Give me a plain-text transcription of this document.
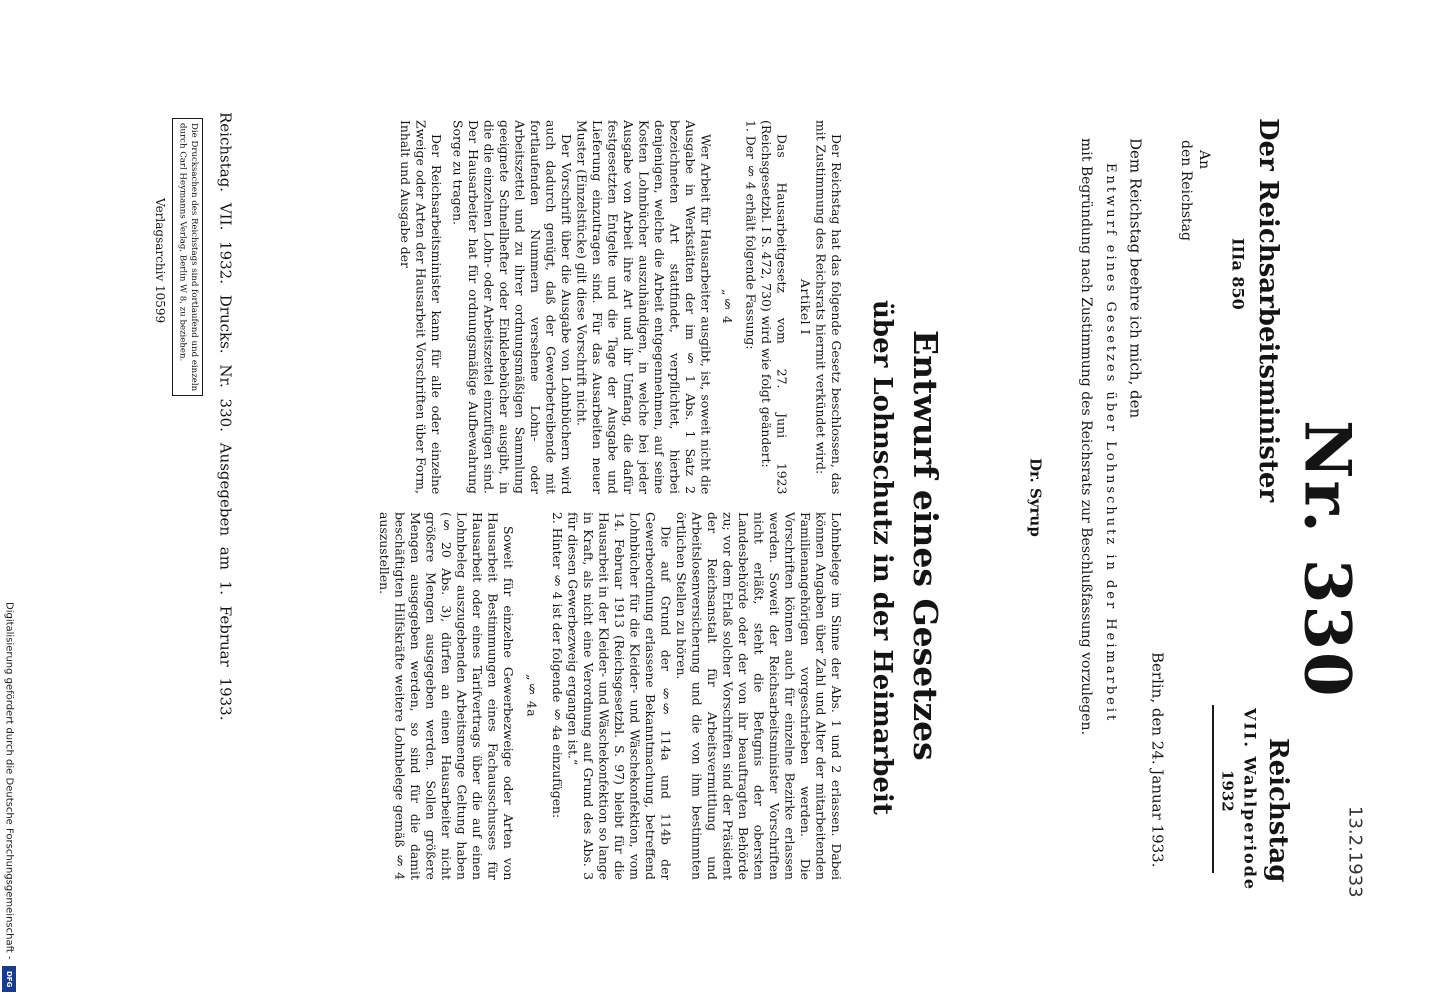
13.2.1933
Reichstag
VII. Wahlperiode
1932
Nr. 330
Der Reichsarbeitsminister
IIIa 850
An
den Reichstag
Berlin, den 24. Januar 1933.
Dem Reichstag beehre ich mich, den
Entwurf eines Gesetzes über Lohnschutz in der Heimarbeit
mit Begründung nach Zustimmung des Reichsrats zur Beschlußfassung vorzulegen.
Dr. Syrup
Entwurf eines Gesetzes
über Lohnschutz in der Heimarbeit

Der Reichstag hat das folgende Gesetz beschlossen, das mit Zustimmung des Reichsrats hiermit verkündet wird:

Artikel I

Das Hausarbeitgesetz vom 27. Juni 1923 (Reichsgesetzbl. I S. 472, 730) wird wie folgt geändert:

1. Der § 4 erhält folgende Fassung:

„§ 4

Wer Arbeit für Hausarbeiter ausgibt, ist, soweit nicht die Ausgabe in Werkstätten der im § 1 Abs. 1 Satz 2 bezeichneten Art stattfindet, verpflichtet, hierbei denjenigen, welche die Arbeit entgegennehmen, auf seine Kosten Lohnbücher auszuhändigen, in welche bei jeder Ausgabe von Arbeit ihre Art und ihr Umfang, die dafür festgesetzten Entgelte und die Tage der Ausgabe und Lieferung einzutragen sind. Für das Ausarbeiten neuer Muster (Einzelstücke) gilt diese Vorschrift nicht.

Der Vorschrift über die Ausgabe von Lohnbüchern wird auch dadurch genügt, daß der Gewerbetreibende mit fortlaufenden Nummern versehene Lohn- oder Arbeitszettel und zu ihrer ordnungsmäßigen Sammlung geeignete Schnellhefter oder Einklebebücher ausgibt, in die die einzelnen Lohn- oder Arbeitszettel einzufügen sind. Der Hausarbeiter hat für ordnungsmäßige Aufbewahrung Sorge zu tragen.

Der Reichsarbeitsminister kann für alle oder einzelne Zweige oder Arten der Hausarbeit Vorschriften über Form, Inhalt und Ausgabe der

Lohnbelege im Sinne der Abs. 1 und 2 erlassen. Dabei können Angaben über Zahl und Alter der mitarbeitenden Familienangehörigen vorgeschrieben werden. Die Vorschriften können auch für einzelne Bezirke erlassen werden. Soweit der Reichsarbeitsminister Vorschriften nicht erläßt, steht die Befugnis der obersten Landesbehörde oder der von ihr beauftragten Behörde zu; vor dem Erlaß solcher Vorschriften sind der Präsident der Reichsanstalt für Arbeitsvermittlung und Arbeitslosenversicherung und die von ihm bestimmten örtlichen Stellen zu hören.

Die auf Grund der §§ 114a und 114b der Gewerbeordnung erlassene Bekanntmachung, betreffend Lohnbücher für die Kleider- und Wäschekonfektion, vom 14. Februar 1913 (Reichsgesetzbl. S. 97) bleibt für die Hausarbeit in der Kleider- und Wäschekonfektion so lange in Kraft, als nicht eine Verordnung auf Grund des Abs. 3 für diesen Gewerbezweig ergangen ist.“

2. Hinter § 4 ist der folgende § 4a einzufügen:

„§ 4a

Soweit für einzelne Gewerbezweige oder Arten von Hausarbeit Bestimmungen eines Fachausschusses für Hausarbeit oder eines Tarifvertrags über die auf einen Lohnbeleg auszugebenden Arbeitsmenge Geltung haben (§ 20 Abs. 3), dürfen an einen Hausarbeiter nicht größere Mengen ausgegeben werden. Sollen größere Mengen ausgegeben werden, so sind für die damit beschäftigten Hilfskräfte weitere Lohnbelege gemäß § 4 auszustellen.

Reichstag. VII. 1932. Drucks. Nr. 330. Ausgegeben am 1. Februar 1933.
Die Drucksachen des Reichstags sind fortlaufend und einzeln
durch Carl Heymanns Verlag, Berlin W 8, zu beziehen.
Verlagsarchiv 10599
Digitalisierung gefördert durch die Deutsche Forschungsgemeinschaft -
DFG
